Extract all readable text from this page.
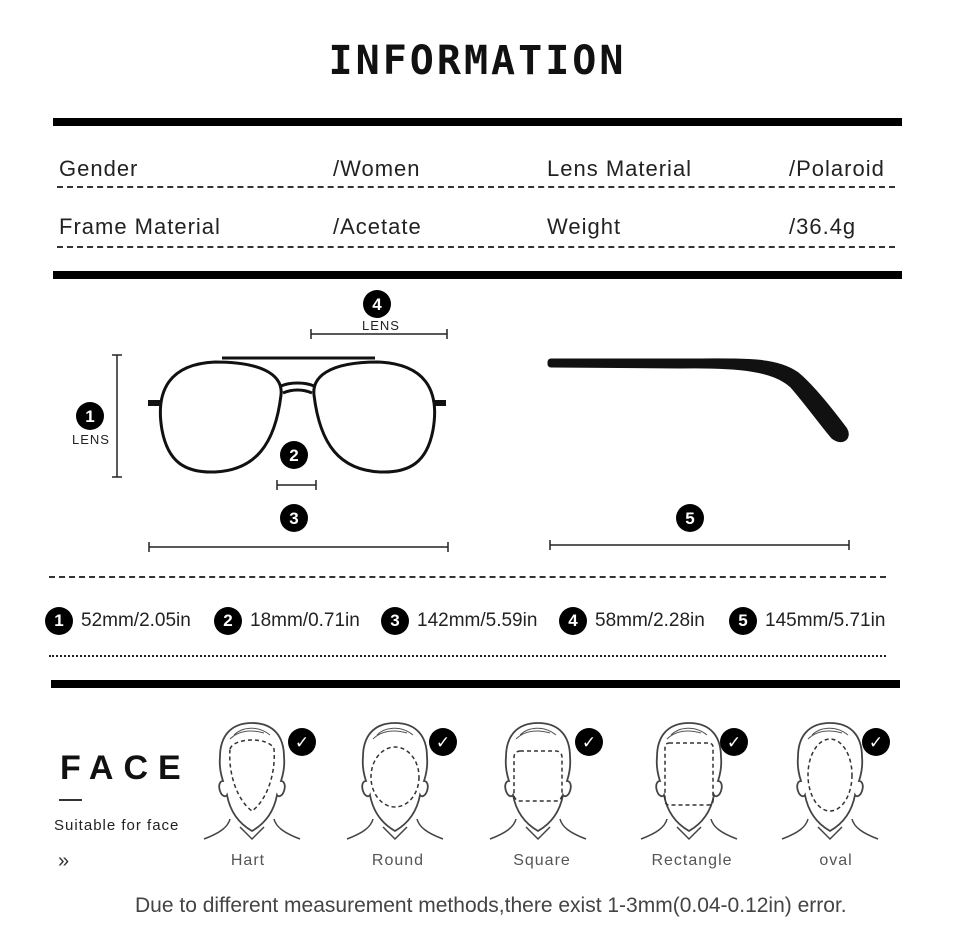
INFORMATION
Gender	/Women	Lens Material	/Polaroid
Frame Material	/Acetate	Weight	/36.4g
4
LENS
1
LENS
2
3	5
1 52mm/2.05in	2 18mm/0.71in	3 142mm/5.59in	4 58mm/2.28in	5 145mm/5.71in
FACE
Suitable for face
»
✓	✓	✓	✓	✓
Hart	Round	Square	Rectangle	oval
Due to different measurement methods,there exist 1-3mm(0.04-0.12in) error.
